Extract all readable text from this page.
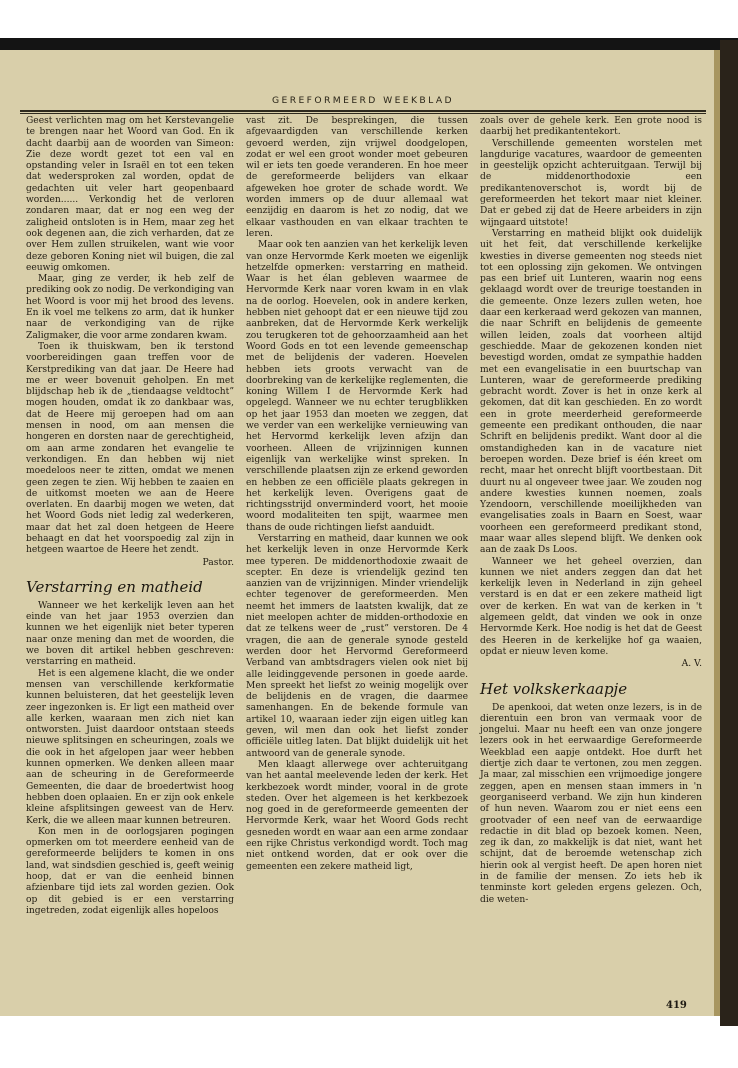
GEREFORMEERD WEEKBLAD

Geest verlichten mag om het Kerstevangelie te brengen naar het Woord van God. En ik dacht daarbij aan de woorden van Simeon: Zie deze wordt gezet tot een val en opstanding veler in Israël en tot een teken dat wedersproken zal worden, opdat de gedachten uit veler hart geopenbaard worden...... Verkondig het de verloren zondaren maar, dat er nog een weg der zaligheid ontsloten is in Hem, maar zeg het ook degenen aan, die zich verharden, dat ze over Hem zullen struikelen, want wie voor deze geboren Koning niet wil buigen, die zal eeuwig omkomen.

Maar, ging ze verder, ik heb zelf de prediking ook zo nodig. De verkondiging van het Woord is voor mij het brood des levens. En ik voel me telkens zo arm, dat ik hunker naar de verkondiging van de rijke Zaligmaker, die voor arme zondaren kwam.

Toen ik thuiskwam, ben ik terstond voorbereidingen gaan treffen voor de Kerstprediking van dat jaar. De Heere had me er weer bovenuit geholpen. En met blijdschap heb ik de „tiendaagse veldtocht” mogen houden, omdat ik zo dankbaar was, dat de Heere mij geroepen had om aan mensen in nood, om aan mensen die hongeren en dorsten naar de gerechtigheid, om aan arme zondaren het evangelie te verkondigen. En dan hebben wij niet moedeloos neer te zitten, omdat we menen geen zegen te zien. Wij hebben te zaaien en de uitkomst moeten we aan de Heere overlaten. En daarbij mogen we weten, dat het Woord Gods niet ledig zal wederkeren, maar dat het zal doen hetgeen de Heere behaagt en dat het voorspoedig zal zijn in hetgeen waartoe de Heere het zendt.

Pastor.

Verstarring en matheid

Wanneer we het kerkelijk leven aan het einde van het jaar 1953 overzien dan kunnen we het eigenlijk niet beter typeren naar onze mening dan met de woorden, die we boven dit artikel hebben geschreven: verstarring en matheid.

Het is een algemene klacht, die we onder mensen van verschillende kerkformatie kunnen beluisteren, dat het geestelijk leven zeer ingezonken is. Er ligt een matheid over alle kerken, waaraan men zich niet kan ontworsten. Juist daardoor ontstaan steeds nieuwe splitsingen en scheuringen, zoals we die ook in het afgelopen jaar weer hebben kunnen opmerken. We denken alleen maar aan de scheuring in de Gereformeerde Gemeenten, die daar de broedertwist hoog hebben doen oplaaien. En er zijn ook enkele kleine afsplitsingen geweest van de Herv. Kerk, die we alleen maar kunnen betreuren.

Kon men in de oorlogsjaren pogingen opmerken om tot meerdere eenheid van de gereformeerde belijders te komen in ons land, wat sindsdien geschied is, geeft weinig hoop, dat er van die eenheid binnen afzienbare tijd iets zal worden gezien. Ook op dit gebied is er een verstarring ingetreden, zodat eigenlijk alles hopeloos

vast zit. De besprekingen, die tussen afgevaardigden van verschillende kerken gevoerd werden, zijn vrijwel doodgelopen, zodat er wel een groot wonder moet gebeuren wil er iets ten goede veranderen. En hoe meer de gereformeerde belijders van elkaar afgeweken hoe groter de schade wordt. We worden immers op de duur allemaal wat eenzijdig en daarom is het zo nodig, dat we elkaar vasthouden en van elkaar trachten te leren.

Maar ook ten aanzien van het kerkelijk leven van onze Hervormde Kerk moeten we eigenlijk hetzelfde opmerken: verstarring en matheid. Waar is het élan gebleven waarmee de Hervormde Kerk naar voren kwam in en vlak na de oorlog. Hoevelen, ook in andere kerken, hebben niet gehoopt dat er een nieuwe tijd zou aanbreken, dat de Hervormde Kerk werkelijk zou terugkeren tot de gehoorzaamheid aan het Woord Gods en tot een levende gemeenschap met de belijdenis der vaderen. Hoevelen hebben iets groots verwacht van de doorbreking van de kerkelijke reglementen, die koning Willem I de Hervormde Kerk had opgelegd. Wanneer we nu echter terugblikken op het jaar 1953 dan moeten we zeggen, dat we verder van een werkelijke vernieuwing van het Hervormd kerkelijk leven afzijn dan voorheen. Alleen de vrijzinnigen kunnen eigenlijk van werkelijke winst spreken. In verschillende plaatsen zijn ze erkend geworden en hebben ze een officiële plaats gekregen in het kerkelijk leven. Overigens gaat de richtingsstrijd onverminderd voort, het mooie woord modaliteiten ten spijt, waarmee men thans de oude richtingen liefst aanduidt.

Verstarring en matheid, daar kunnen we ook het kerkelijk leven in onze Hervormde Kerk mee typeren. De middenorthodoxie zwaait de scepter. En deze is vriendelijk gezind ten aanzien van de vrijzinnigen. Minder vriendelijk echter tegenover de gereformeerden. Men neemt het immers de laatsten kwalijk, dat ze niet meelopen achter de midden-orthodoxie en dat ze telkens weer de „rust” verstoren. De 4 vragen, die aan de generale synode gesteld werden door het Hervormd Gereformeerd Verband van ambtsdragers vielen ook niet bij alle leidinggevende personen in goede aarde. Men spreekt het liefst zo weinig mogelijk over de belijdenis en de vragen, die daarmee samenhangen. En de bekende formule van artikel 10, waaraan ieder zijn eigen uitleg kan geven, wil men dan ook het liefst zonder officiële uitleg laten. Dat blijkt duidelijk uit het antwoord van de generale synode.

Men klaagt allerwege over achteruitgang van het aantal meelevende leden der kerk. Het kerkbezoek wordt minder, vooral in de grote steden. Over het algemeen is het kerkbezoek nog goed in de gereformeerde gemeenten der Hervormde Kerk, waar het Woord Gods recht gesneden wordt en waar aan een arme zondaar een rijke Christus verkondigd wordt. Toch mag niet ontkend worden, dat er ook over die gemeenten een zekere matheid ligt,

zoals over de gehele kerk. Een grote nood is daarbij het predikantentekort.

Verschillende gemeenten worstelen met langdurige vacatures, waardoor de gemeenten in geestelijk opzicht achteruitgaan. Terwijl bij de middenorthodoxie een predikantenoverschot is, wordt bij de gereformeerden het tekort maar niet kleiner. Dat er gebed zij dat de Heere arbeiders in zijn wijngaard uitstote!

Verstarring en matheid blijkt ook duidelijk uit het feit, dat verschillende kerkelijke kwesties in diverse gemeenten nog steeds niet tot een oplossing zijn gekomen. We ontvingen pas een brief uit Lunteren, waarin nog eens geklaagd wordt over de treurige toestanden in die gemeente. Onze lezers zullen weten, hoe daar een kerkeraad werd gekozen van mannen, die naar Schrift en belijdenis de gemeente willen leiden, zoals dat voorheen altijd geschiedde. Maar de gekozenen konden niet bevestigd worden, omdat ze sympathie hadden met een evangelisatie in een buurtschap van Lunteren, waar de gereformeerde prediking gebracht wordt. Zover is het in onze kerk al gekomen, dat dit kan geschieden. En zo wordt een in grote meerderheid gereformeerde gemeente een predikant onthouden, die naar Schrift en belijdenis predikt. Want door al die omstandigheden kan in de vacature niet beroepen worden. Deze brief is één kreet om recht, maar het onrecht blijft voortbestaan. Dit duurt nu al ongeveer twee jaar. We zouden nog andere kwesties kunnen noemen, zoals Yzendoorn, verschillende moeilijkheden van evangelisaties zoals in Baarn en Soest, waar voorheen een gereformeerd predikant stond, maar waar alles slepend blijft. We denken ook aan de zaak Ds Loos.

Wanneer we het geheel overzien, dan kunnen we niet anders zeggen dan dat het kerkelijk leven in Nederland in zijn geheel verstard is en dat er een zekere matheid ligt over de kerken. En wat van de kerken in 't algemeen geldt, dat vinden we ook in onze Hervormde Kerk. Hoe nodig is het dat de Geest des Heeren in de kerkelijke hof ga waaien, opdat er nieuw leven kome.

A. V.

Het volkskerkaapje

De apenkooi, dat weten onze lezers, is in de dierentuin een bron van vermaak voor de jongelui. Maar nu heeft een van onze jongere lezers ook in het eerwaardige Gereformeerde Weekblad een aapje ontdekt. Hoe durft het diertje zich daar te vertonen, zou men zeggen. Ja maar, zal misschien een vrijmoedige jongere zeggen, apen en mensen staan immers in 'n georganiseerd verband. We zijn hun kinderen of hun neven. Waarom zou er niet eens een grootvader of een neef van de eerwaardige redactie in dit blad op bezoek komen. Neen, zeg ik dan, zo makkelijk is dat niet, want het schijnt, dat de beroemde wetenschap zich hierin ook al vergist heeft. De apen horen niet in de familie der mensen. Zo iets heb ik tenminste kort geleden ergens gelezen. Och, die weten-

419
